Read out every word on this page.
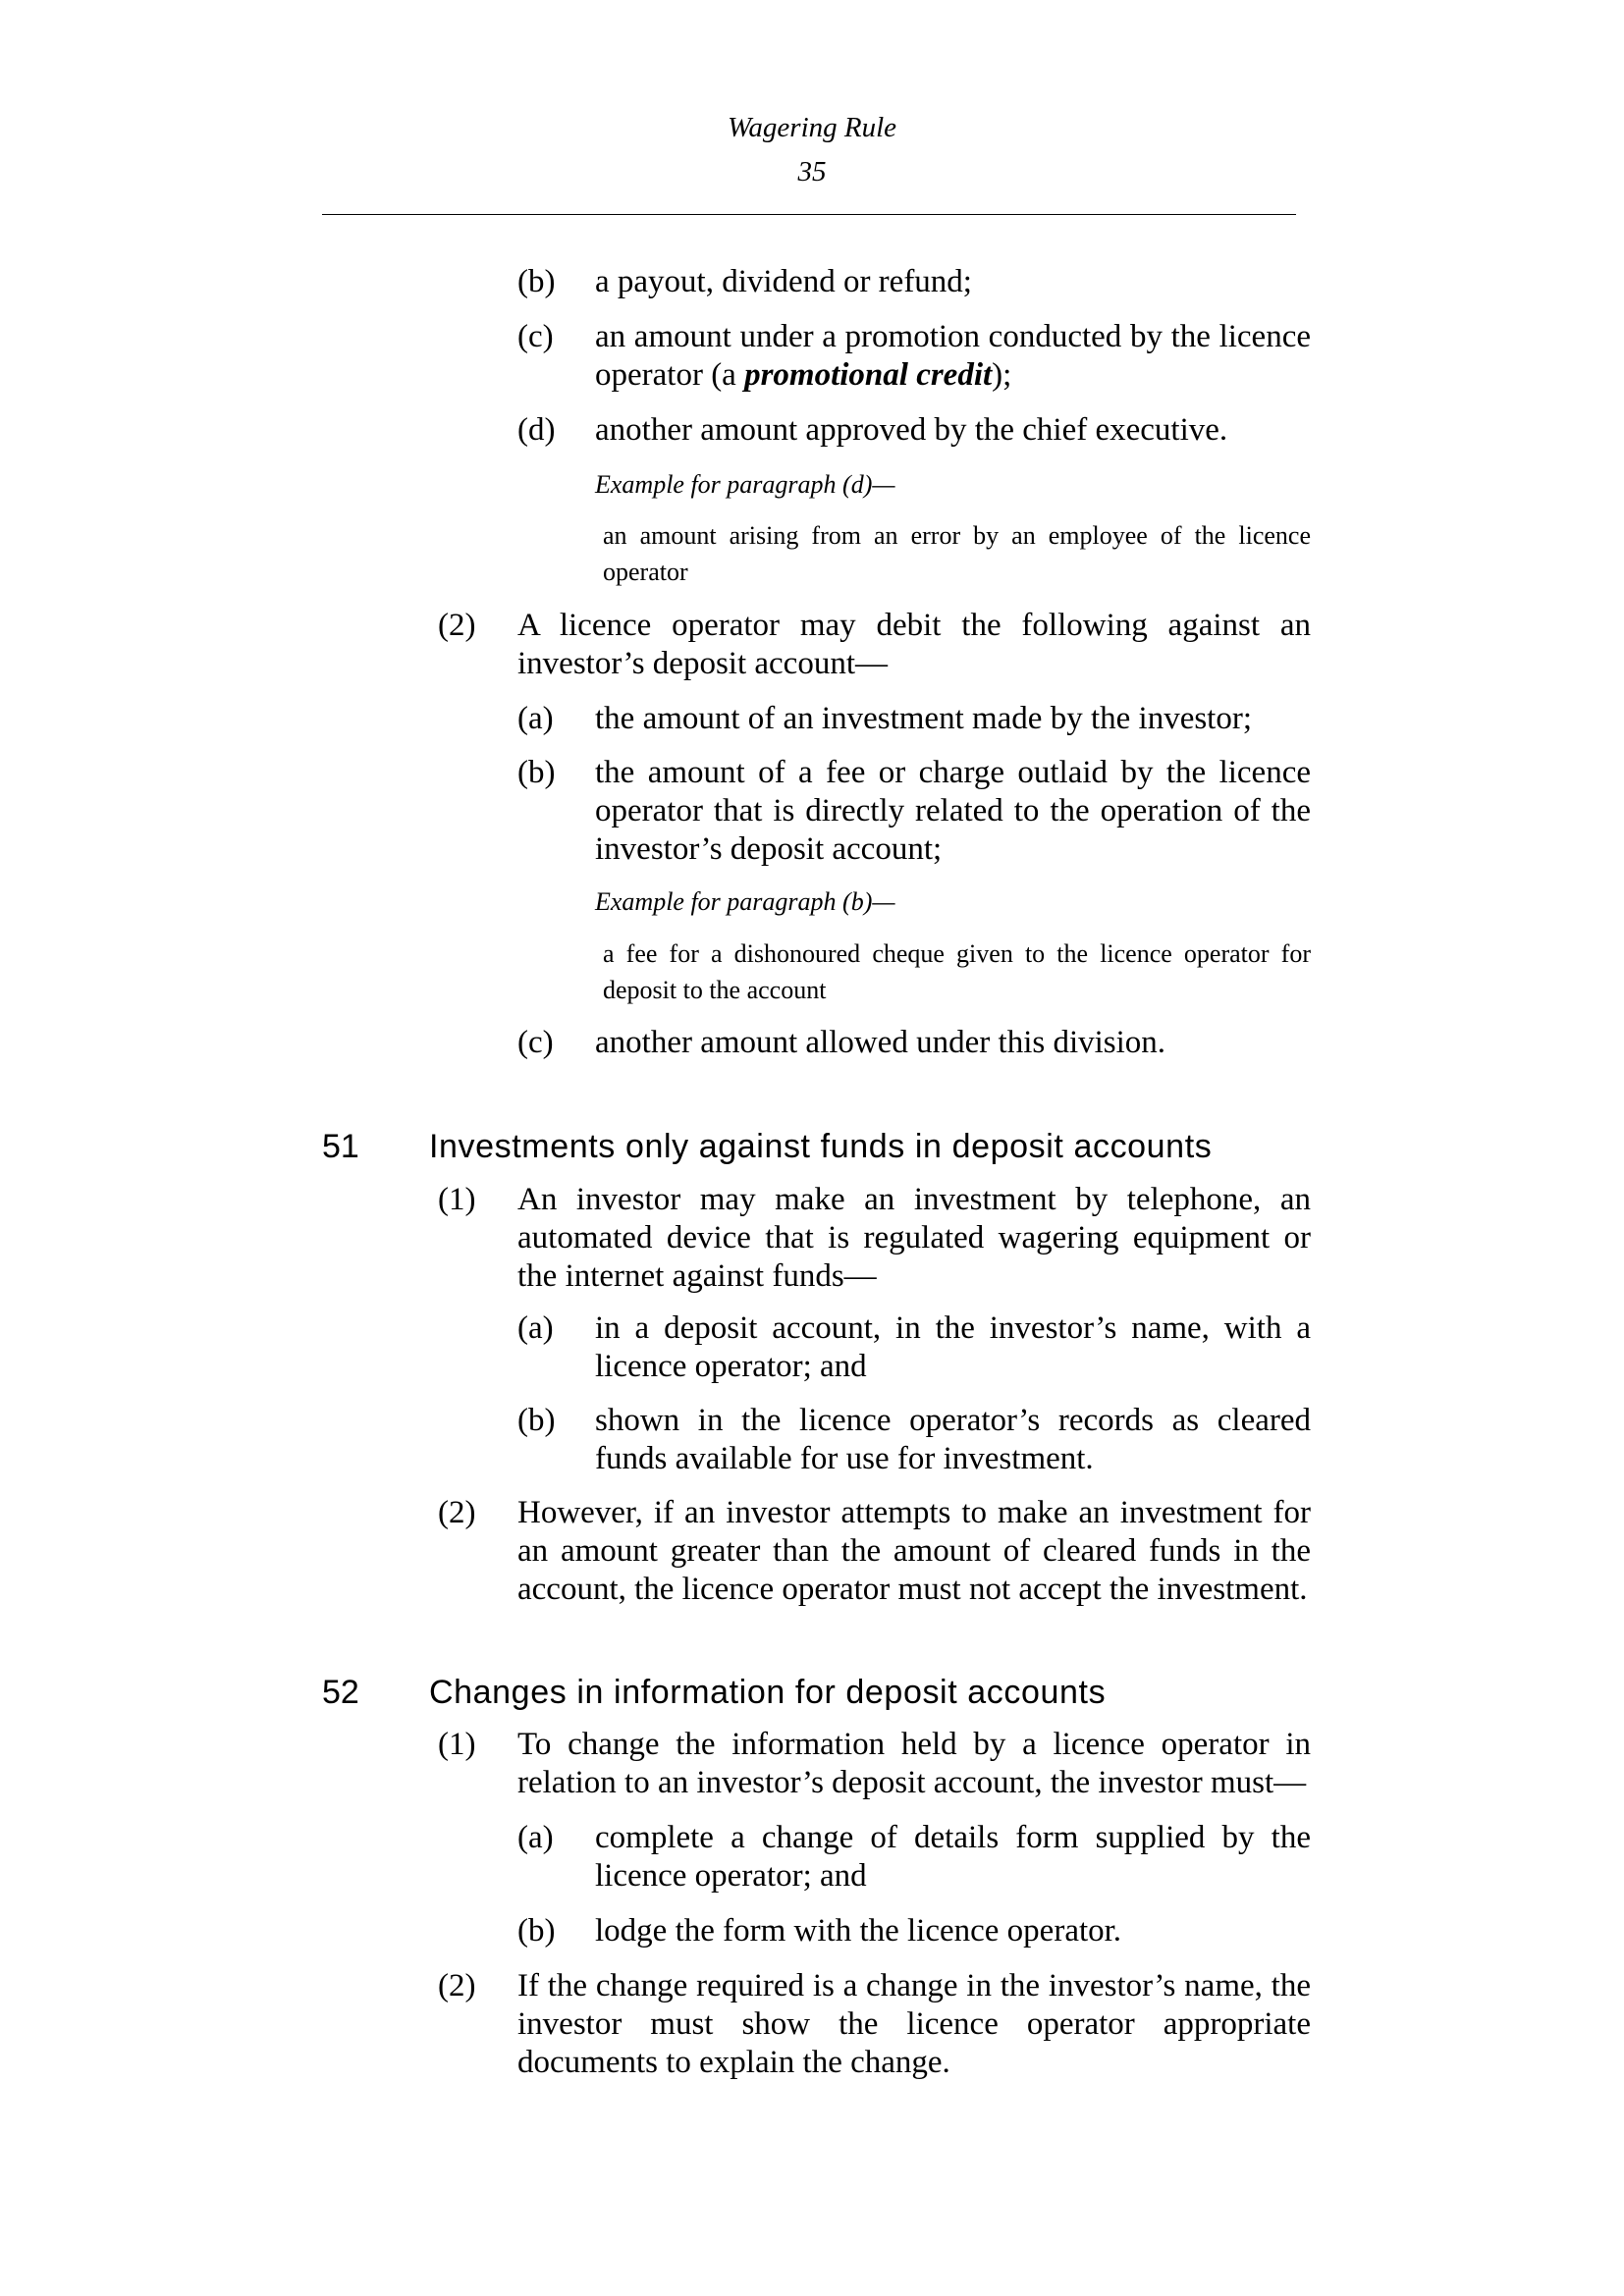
Wagering Rule
35
(b) a payout, dividend or refund;
(c) an amount under a promotion conducted by the licence operator (a promotional credit);
(d) another amount approved by the chief executive.
Example for paragraph (d)—
an amount arising from an error by an employee of the licence operator
(2) A licence operator may debit the following against an investor’s deposit account—
(a) the amount of an investment made by the investor;
(b) the amount of a fee or charge outlaid by the licence operator that is directly related to the operation of the investor’s deposit account;
Example for paragraph (b)—
a fee for a dishonoured cheque given to the licence operator for deposit to the account
(c) another amount allowed under this division.
51 Investments only against funds in deposit accounts
(1) An investor may make an investment by telephone, an automated device that is regulated wagering equipment or the internet against funds—
(a) in a deposit account, in the investor’s name, with a licence operator; and
(b) shown in the licence operator’s records as cleared funds available for use for investment.
(2) However, if an investor attempts to make an investment for an amount greater than the amount of cleared funds in the account, the licence operator must not accept the investment.
52 Changes in information for deposit accounts
(1) To change the information held by a licence operator in relation to an investor’s deposit account, the investor must—
(a) complete a change of details form supplied by the licence operator; and
(b) lodge the form with the licence operator.
(2) If the change required is a change in the investor’s name, the investor must show the licence operator appropriate documents to explain the change.
